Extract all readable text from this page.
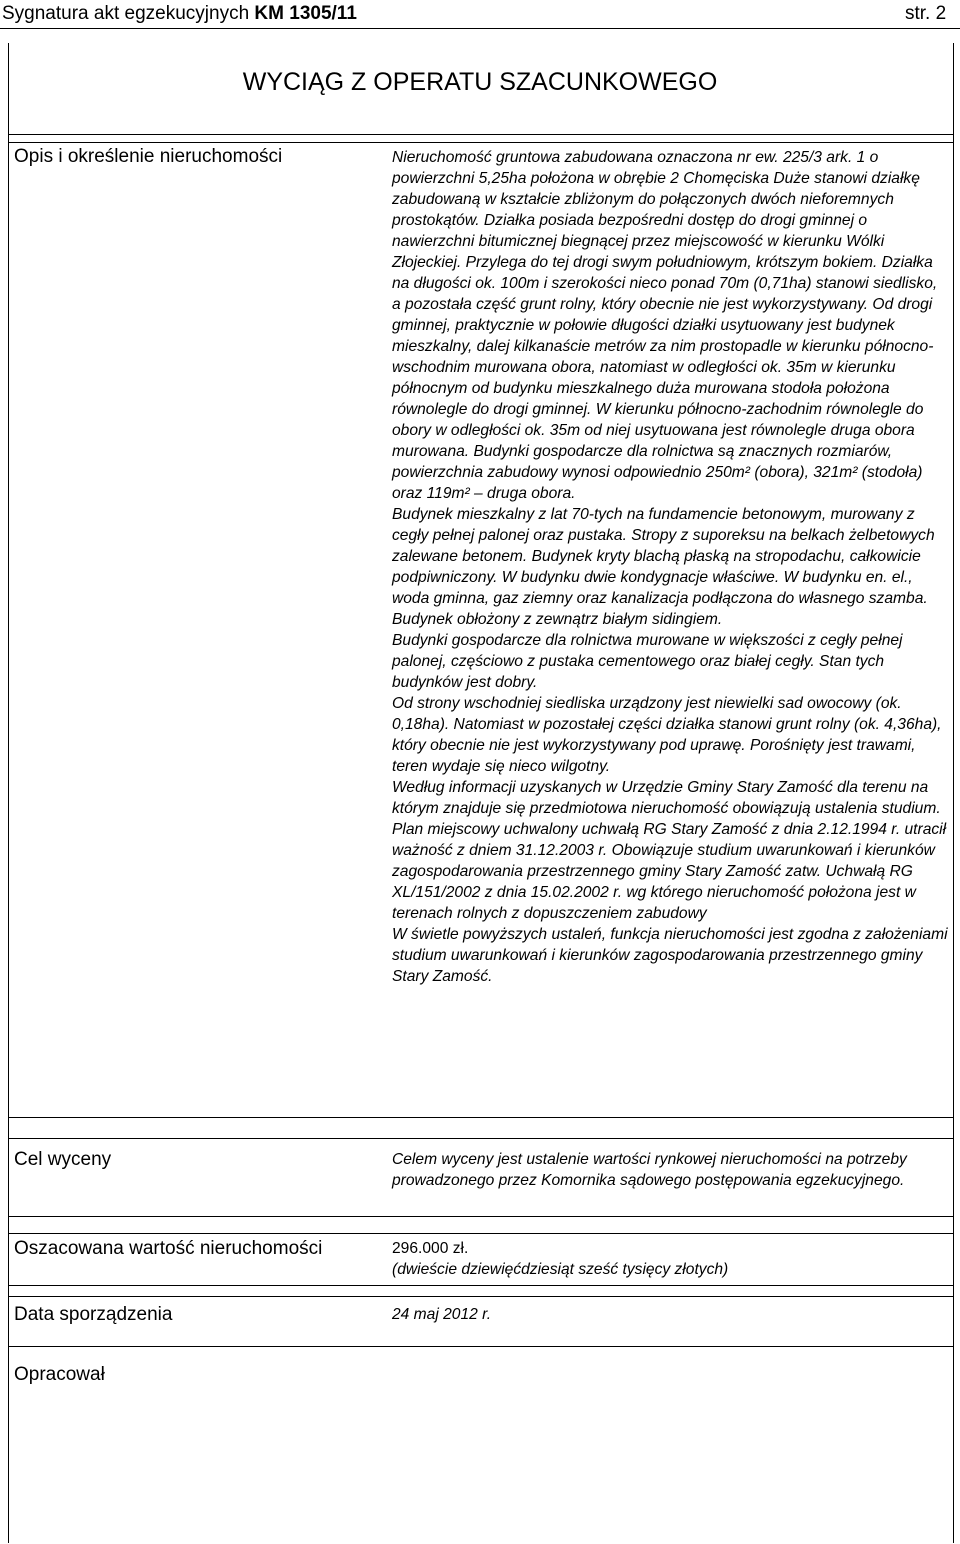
Sygnatura akt egzekucyjnych KM 1305/11	str. 2
WYCIĄG Z OPERATU SZACUNKOWEGO
Opis i określenie nieruchomości	Nieruchomość gruntowa zabudowana oznaczona nr ew. 225/3 ark. 1 o powierzchni 5,25ha położona w obrębie 2 Chomęciska Duże stanowi działkę zabudowaną w kształcie zbliżonym do połączonych dwóch nieforemnych prostokątów. Działka posiada bezpośredni dostęp do drogi gminnej o nawierzchni bitumicznej biegnącej przez miejscowość w kierunku Wólki Złojeckiej. Przylega do tej drogi swym południowym, krótszym bokiem. Działka na długości ok. 100m i szerokości nieco ponad 70m (0,71ha) stanowi siedlisko, a pozostała część grunt rolny, który obecnie nie jest wykorzystywany. Od drogi gminnej, praktycznie w połowie długości działki usytuowany jest budynek mieszkalny, dalej kilkanaście metrów za nim prostopadle w kierunku północno-wschodnim murowana obora, natomiast w odległości ok. 35m w kierunku północnym od budynku mieszkalnego duża murowana stodoła położona równolegle do drogi gminnej. W kierunku północno-zachodnim równolegle do obory w odległości ok. 35m od niej usytuowana jest równolegle druga obora murowana. Budynki gospodarcze dla rolnictwa są znacznych rozmiarów, powierzchnia zabudowy wynosi odpowiednio 250m² (obora), 321m² (stodoła) oraz 119m² – druga obora.

Budynek mieszkalny z lat 70-tych na fundamencie betonowym, murowany z cegły pełnej palonej oraz pustaka. Stropy z suporeksu na belkach żelbetowych zalewane betonem. Budynek kryty blachą płaską na stropodachu, całkowicie podpiwniczony. W budynku dwie kondygnacje właściwe. W budynku en. el., woda gminna, gaz ziemny oraz kanalizacja podłączona do własnego szamba.

Budynek obłożony z zewnątrz białym sidingiem.

Budynki gospodarcze dla rolnictwa murowane w większości z cegły pełnej palonej, częściowo z pustaka cementowego oraz białej cegły. Stan tych budynków jest dobry.

Od strony wschodniej siedliska urządzony jest niewielki sad owocowy (ok. 0,18ha). Natomiast w pozostałej części działka stanowi grunt rolny (ok. 4,36ha), który obecnie nie jest wykorzystywany pod uprawę. Porośnięty jest trawami, teren wydaje się nieco wilgotny.

Według informacji uzyskanych w Urzędzie Gminy Stary Zamość dla terenu na którym znajduje się przedmiotowa nieruchomość obowiązują ustalenia studium. Plan miejscowy uchwalony uchwałą RG Stary Zamość z dnia 2.12.1994 r. utracił ważność z dniem 31.12.2003 r. Obowiązuje studium uwarunkowań i kierunków zagospodarowania przestrzennego gminy Stary Zamość zatw. Uchwałą RG XL/151/2002 z dnia 15.02.2002 r. wg którego nieruchomość położona jest w terenach rolnych z dopuszczeniem zabudowy

W świetle powyższych ustaleń, funkcja nieruchomości jest zgodna z założeniami studium uwarunkowań i kierunków zagospodarowania przestrzennego gminy Stary Zamość.

Cel wyceny	Celem wyceny jest ustalenie wartości rynkowej nieruchomości na potrzeby prowadzonego przez Komornika sądowego postępowania egzekucyjnego.
Oszacowana wartość nieruchomości	296.000 zł.
(dwieście dziewięćdziesiąt sześć tysięcy złotych)
Data sporządzenia	24 maj 2012 r.
Opracował
